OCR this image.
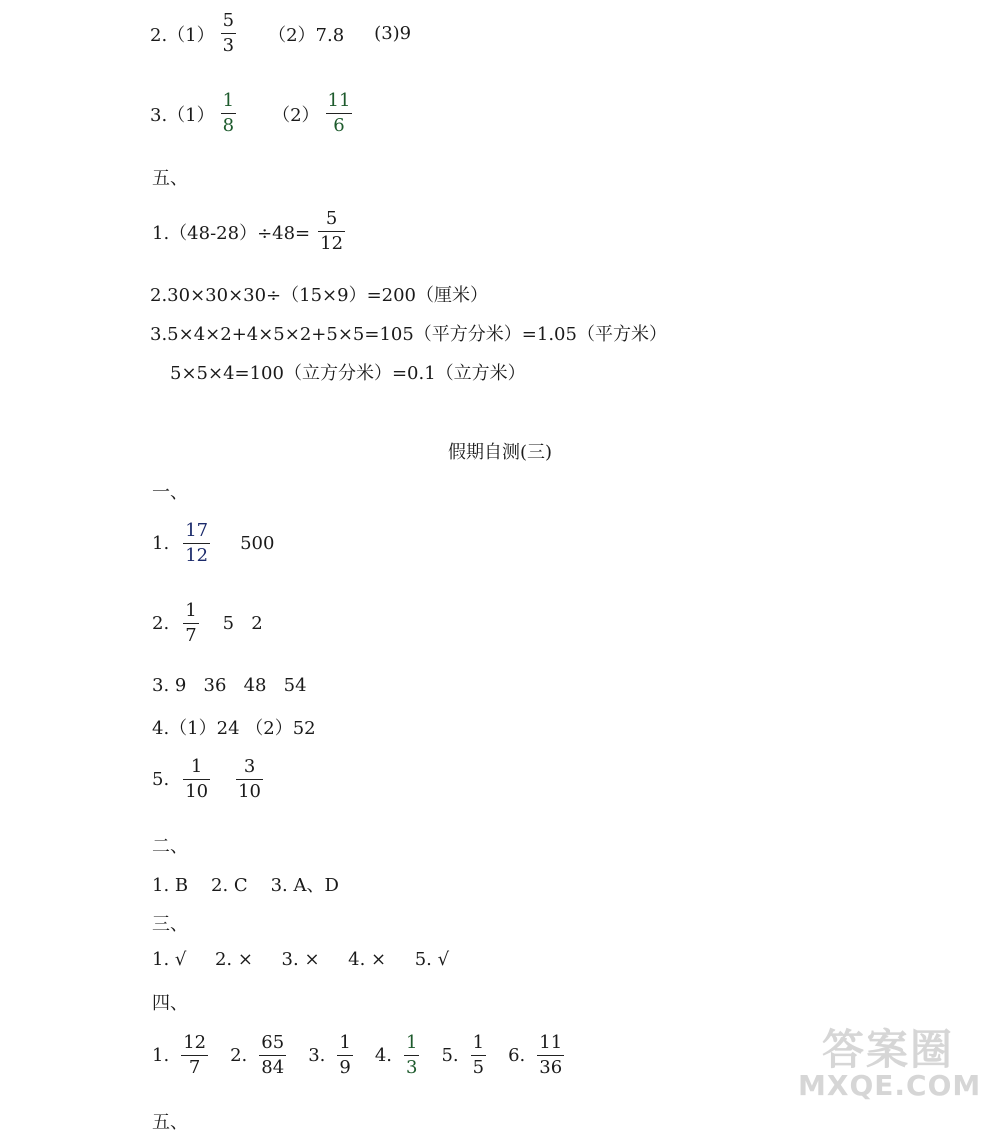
$2.(1) \frac{5}{3} (2)7.8$ (3)9
$3.(1) \frac{1}{8} (2) \frac{11}{6}$
五、
$1.(48-28)\div 48= \frac{5}{12}$
2.30×30×30÷（15×9）=200（厘米）
3.5×4×2+4×5×2+5×5=105（平方分米）=1.05（平方米）
5×5×4=100（立方分米）=0.1（立方米）
假期自测(三)
一、
1. $\frac{17}{12} 500$
2. $\frac{1}{7} 5$   2
3. 9   36   48   54
4.（1）24 （2）52
5. $\frac{1}{10} \frac{3}{10}$
二、
1. B    2. C    3. A、D
三、
1. √     2. ×     3. ×     4. ×     5. √
四、
1. $\frac{12}{7} 2$. $\frac{65}{84} 3$. $\frac{1}{9} 4$. $\frac{1}{3} 5$. $\frac{1}{5} 6$. $\frac{11}{36}$
五、
答案圈
MXQE.COM
